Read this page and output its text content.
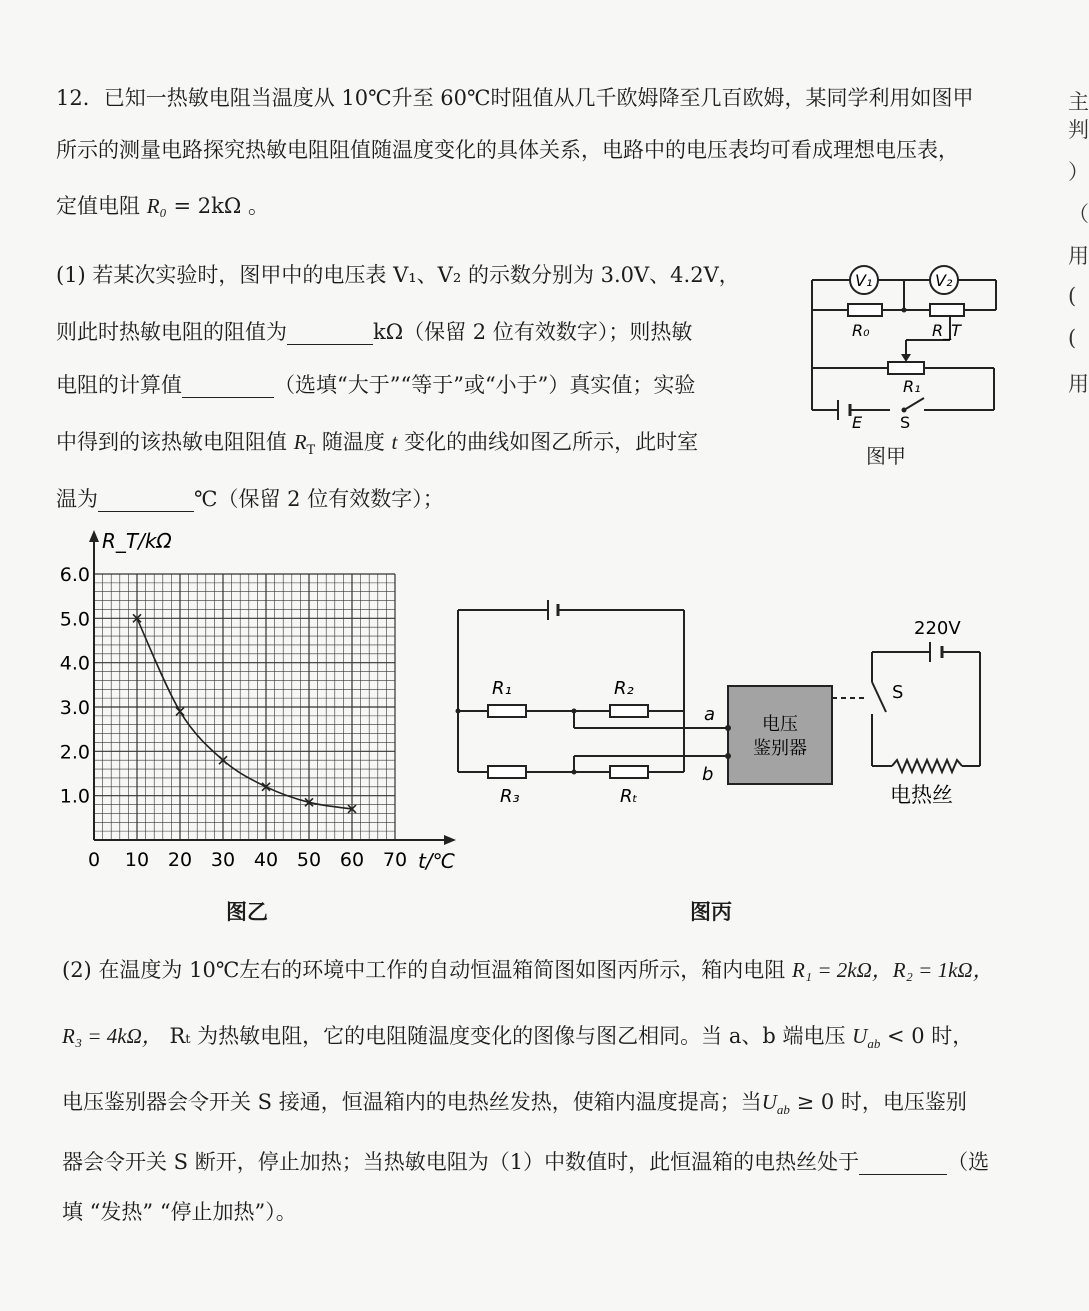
12．已知一热敏电阻当温度从 10℃升至 60℃时阻值从几千欧姆降至几百欧姆，某同学利用如图甲
所示的测量电路探究热敏电阻阻值随温度变化的具体关系，电路中的电压表均可看成理想电压表，
定值电阻 R₀ = 2kΩ 。
(1) 若某次实验时，图甲中的电压表 V₁、V₂ 的示数分别为 3.0V、4.2V，
则此时热敏电阻的阻值为	kΩ（保留 2 位有效数字）；则热敏
电阻的计算值	（选填“大于”“等于”或“小于”）真实值；实验
中得到的该热敏电阻阻值 $R_T$ 随温度 t 变化的曲线如图乙所示，此时室
温为	℃（保留 2 位有效数字）；
V₁	V₂
R₀	R_T
R₁
E S
图甲
0 10 20 30 40 50 60 70
1.0
2.0
3.0
4.0
5.0
6.0
R_T/kΩ
t/℃
图乙
R₁	R₂
R₃	Rₜ
a
b
电压
鉴别器
220V
S
电热丝
图丙
(2) 在温度为 10℃左右的环境中工作的自动恒温箱简图如图丙所示，箱内电阻 R₁ = 2kΩ，R₂ = 1kΩ，
R₃ = 4kΩ， Rₜ 为热敏电阻，它的电阻随温度变化的图像与图乙相同。当 a、b 端电压 $U_{ab} < 0$ 时，
电压鉴别器会令开关 S 接通，恒温箱内的电热丝发热，使箱内温度提高；当$U_{ab} \ge 0$ 时，电压鉴别
器会令开关 S 断开，停止加热；当热敏电阻为（1）中数值时，此恒温箱的电热丝处于	（选
填 “发热” “停止加热”）。
主
判
）
（
用
(
(
用
